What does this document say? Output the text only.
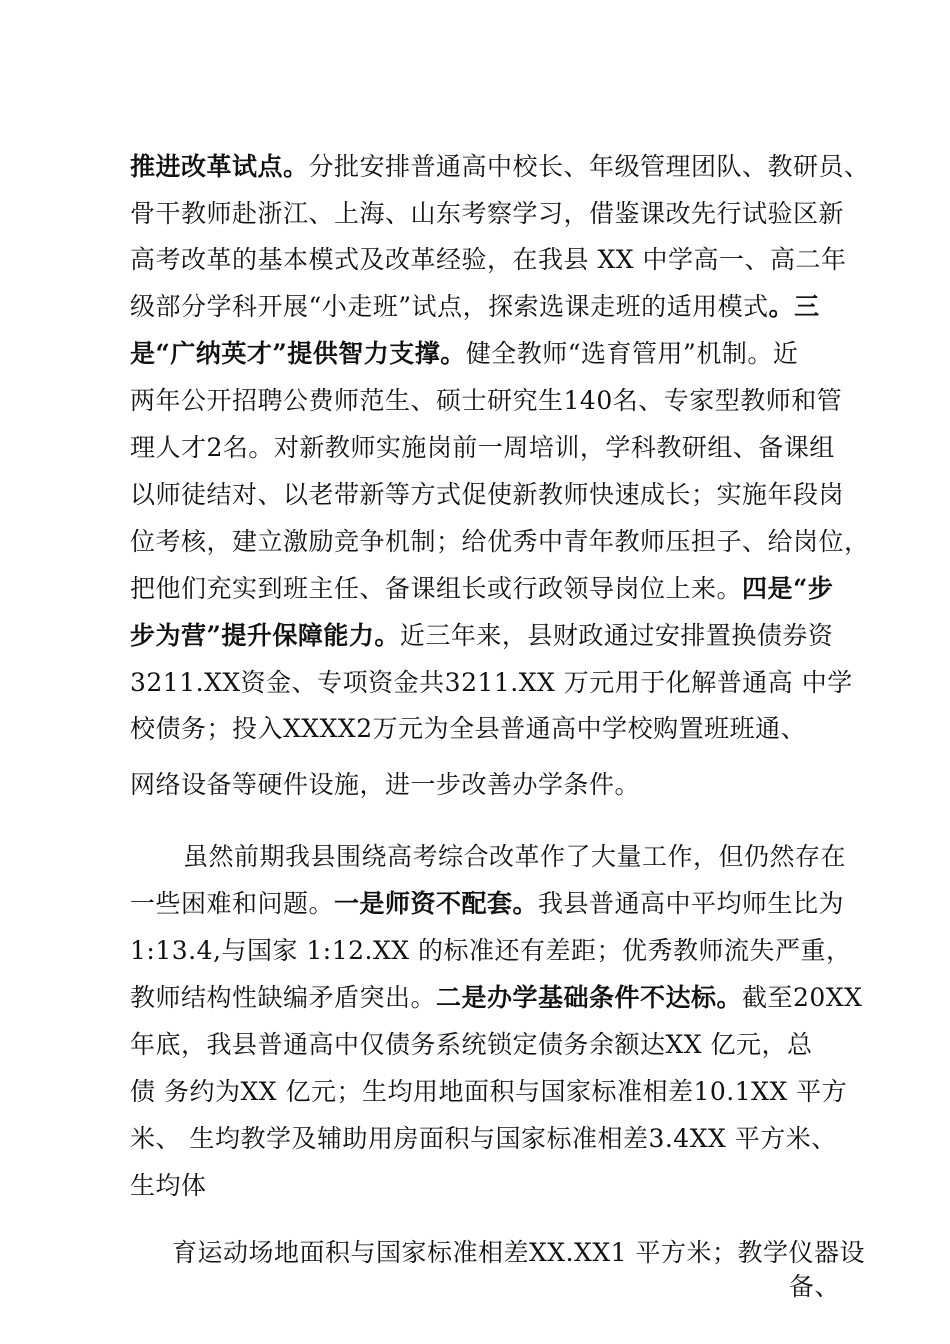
推进改革试点。分批安排普通高中校长、年级管理团队、教研员、
骨干教师赴浙江、上海、山东考察学习，借鉴课改先行试验区新
高考改革的基本模式及改革经验，在我县 XX 中学高一、高二年
级部分学科开展“小走班”试点，探索选课走班的适用模式。三
是“广纳英才”提供智力支撑。健全教师“选育管用”机制。近
两年公开招聘公费师范生、硕士研究生140名、专家型教师和管
理人才2名。对新教师实施岗前一周培训，学科教研组、备课组
以师徒结对、以老带新等方式促使新教师快速成长；实施年段岗
位考核，建立激励竞争机制；给优秀中青年教师压担子、给岗位，
把他们充实到班主任、备课组长或行政领导岗位上来。四是“步
步为营”提升保障能力。近三年来，县财政通过安排置换债券资
3211.XX资金、专项资金共3211.XX 万元用于化解普通高 中学
校债务；投入XXXX2万元为全县普通高中学校购置班班通、
网络设备等硬件设施，进一步改善办学条件。
虽然前期我县围绕高考综合改革作了大量工作，但仍然存在
一些困难和问题。一是师资不配套。我县普通高中平均师生比为
1:13.4,与国家 1:12.XX 的标准还有差距；优秀教师流失严重，
教师结构性缺编矛盾突出。二是办学基础条件不达标。截至20XX
年底，我县普通高中仅债务系统锁定债务余额达XX 亿元，总
债 务约为XX 亿元；生均用地面积与国家标准相差10.1XX 平方
米、 生均教学及辅助用房面积与国家标准相差3.4XX 平方米、
生均体
育运动场地面积与国家标准相差XX.XX1 平方米；教学仪器设
备、
